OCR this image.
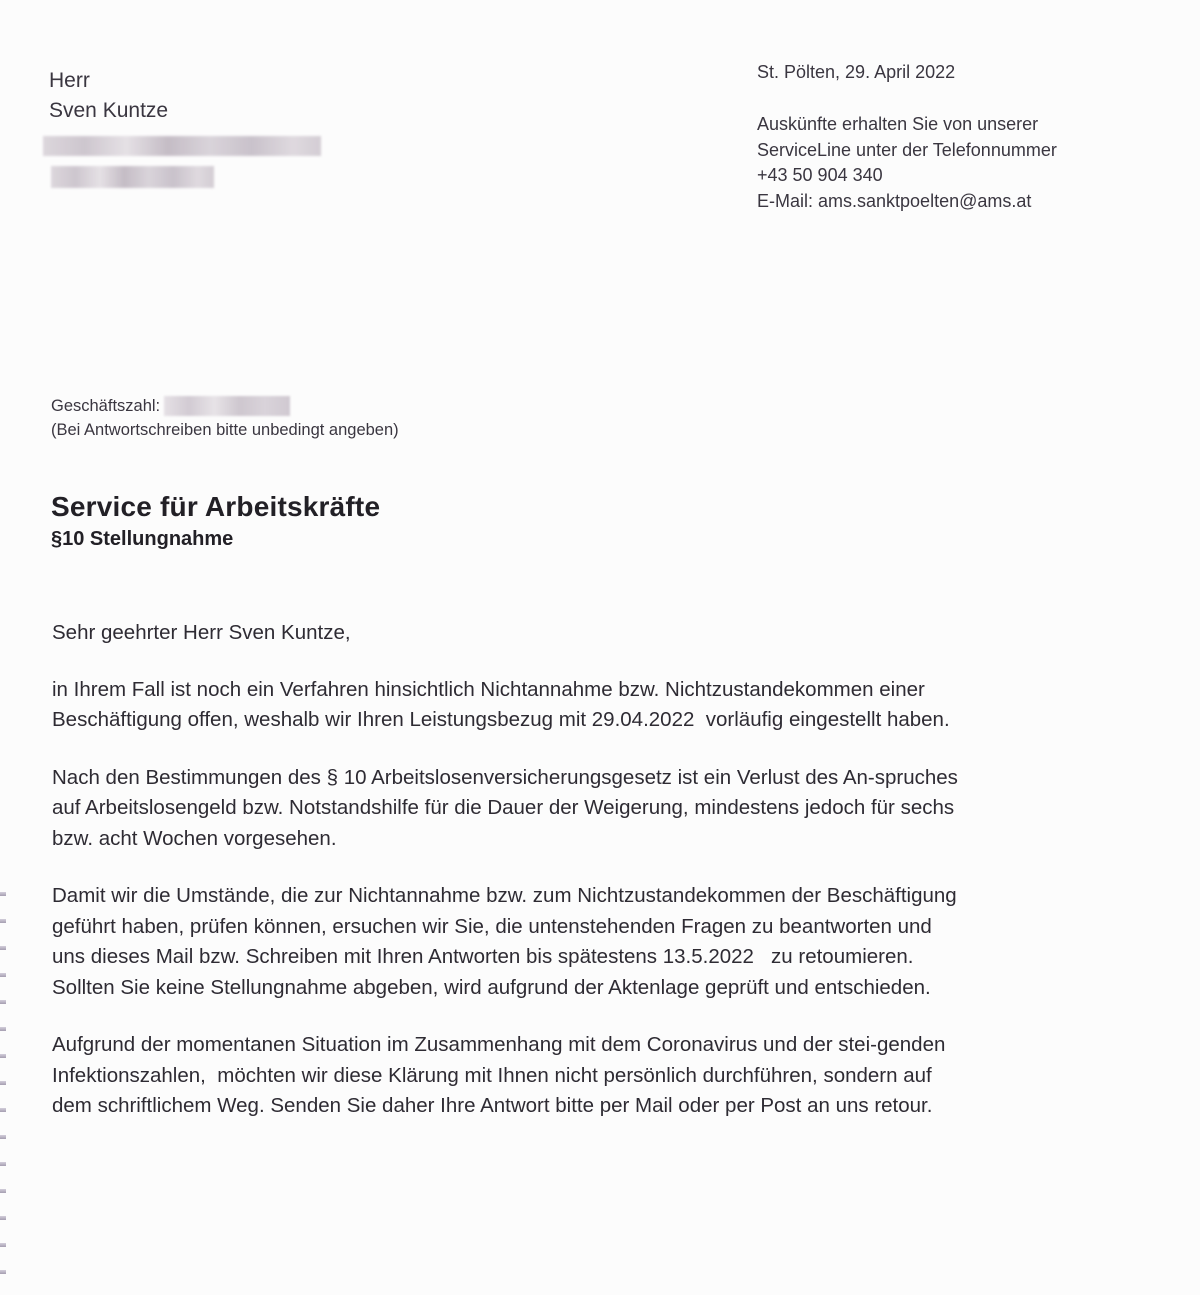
Herr
Sven Kuntze
St. Pölten, 29. April 2022
Auskünfte erhalten Sie von unserer
ServiceLine unter der Telefonnummer
+43 50 904 340
E-Mail: ams.sanktpoelten@ams.at
Geschäftszahl:
(Bei Antwortschreiben bitte unbedingt angeben)
Service für Arbeitskräfte
§10 Stellungnahme

Sehr geehrter Herr Sven Kuntze,

in Ihrem Fall ist noch ein Verfahren hinsichtlich Nichtannahme bzw. Nichtzustandekommen einer
Beschäftigung offen, weshalb wir Ihren Leistungsbezug mit 29.04.2022  vorläufig eingestellt haben.

Nach den Bestimmungen des § 10 Arbeitslosenversicherungsgesetz ist ein Verlust des An-spruches
auf Arbeitslosengeld bzw. Notstandshilfe für die Dauer der Weigerung, mindestens jedoch für sechs
bzw. acht Wochen vorgesehen.

Damit wir die Umstände, die zur Nichtannahme bzw. zum Nichtzustandekommen der Beschäftigung
geführt haben, prüfen können, ersuchen wir Sie, die untenstehenden Fragen zu beantworten und
uns dieses Mail bzw. Schreiben mit Ihren Antworten bis spätestens 13.5.2022   zu retoumieren.
Sollten Sie keine Stellungnahme abgeben, wird aufgrund der Aktenlage geprüft und entschieden.

Aufgrund der momentanen Situation im Zusammenhang mit dem Coronavirus und der stei-genden
Infektionszahlen,  möchten wir diese Klärung mit Ihnen nicht persönlich durchführen, sondern auf
dem schriftlichem Weg. Senden Sie daher Ihre Antwort bitte per Mail oder per Post an uns retour.
